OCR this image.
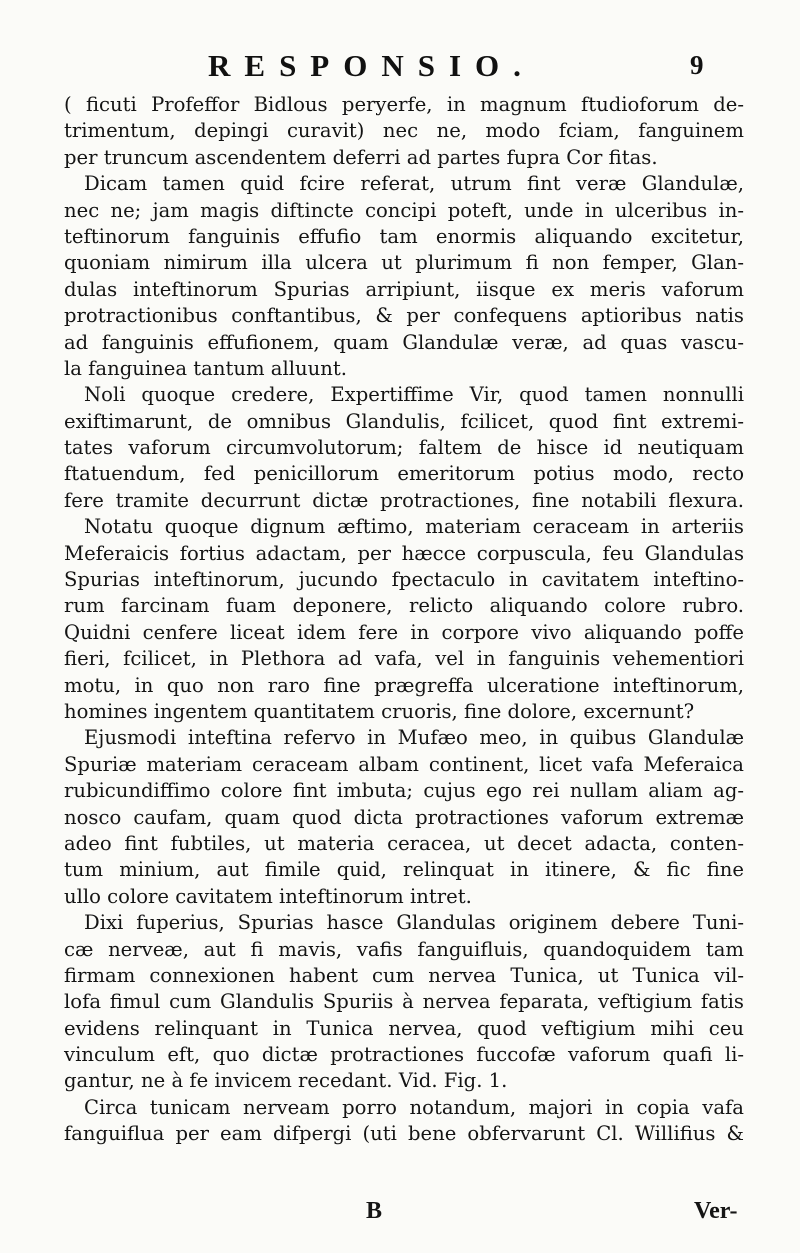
RESPONSIO.	9
( ficuti Profeffor Bidlous peryerfe, in magnum ftudioforum de-
trimentum, depingi curavit) nec ne, modo fciam, fanguinem
per truncum ascendentem deferri ad partes fupra Cor fitas.
Dicam tamen quid fcire referat, utrum fint veræ Glandulæ,
nec ne; jam magis diftincte concipi poteft, unde in ulceribus in-
teftinorum fanguinis effufio tam enormis aliquando excitetur,
quoniam nimirum illa ulcera ut plurimum fi non femper, Glan-
dulas inteftinorum Spurias arripiunt, iisque ex meris vaforum
protractionibus conftantibus, & per confequens aptioribus natis
ad fanguinis effufionem, quam Glandulæ veræ, ad quas vascu-
la fanguinea tantum alluunt.
Noli quoque credere, Expertiffime Vir, quod tamen nonnulli
exiftimarunt, de omnibus Glandulis, fcilicet, quod fint extremi-
tates vaforum circumvolutorum; faltem de hisce id neutiquam
ftatuendum, fed penicillorum emeritorum potius modo, recto
fere tramite decurrunt dictæ protractiones, fine notabili flexura.
Notatu quoque dignum æftimo, materiam ceraceam in arteriis
Meferaicis fortius adactam, per hæcce corpuscula, feu Glandulas
Spurias inteftinorum, jucundo fpectaculo in cavitatem inteftino-
rum farcinam fuam deponere, relicto aliquando colore rubro.
Quidni cenfere liceat idem fere in corpore vivo aliquando poffe
fieri, fcilicet, in Plethora ad vafa, vel in fanguinis vehementiori
motu, in quo non raro fine prægreffa ulceratione inteftinorum,
homines ingentem quantitatem cruoris, fine dolore, excernunt?
Ejusmodi inteftina refervo in Mufæo meo, in quibus Glandulæ
Spuriæ materiam ceraceam albam continent, licet vafa Meferaica
rubicundiffimo colore fint imbuta; cujus ego rei nullam aliam ag-
nosco caufam, quam quod dicta protractiones vaforum extremæ
adeo fint fubtiles, ut materia ceracea, ut decet adacta, conten-
tum minium, aut fimile quid, relinquat in itinere, & fic fine
ullo colore cavitatem inteftinorum intret.
Dixi fuperius, Spurias hasce Glandulas originem debere Tuni-
cæ nerveæ, aut fi mavis, vafis fanguifluis, quandoquidem tam
firmam connexionen habent cum nervea Tunica, ut Tunica vil-
lofa fimul cum Glandulis Spuriis à nervea feparata, veftigium fatis
evidens relinquant in Tunica nervea, quod veftigium mihi ceu
vinculum eft, quo dictæ protractiones fuccofæ vaforum quafi li-
gantur, ne à fe invicem recedant. Vid. Fig. 1.
Circa tunicam nerveam porro notandum, majori in copia vafa
fanguiflua per eam difpergi (uti bene obfervarunt Cl. Willifius &
B	Ver-
